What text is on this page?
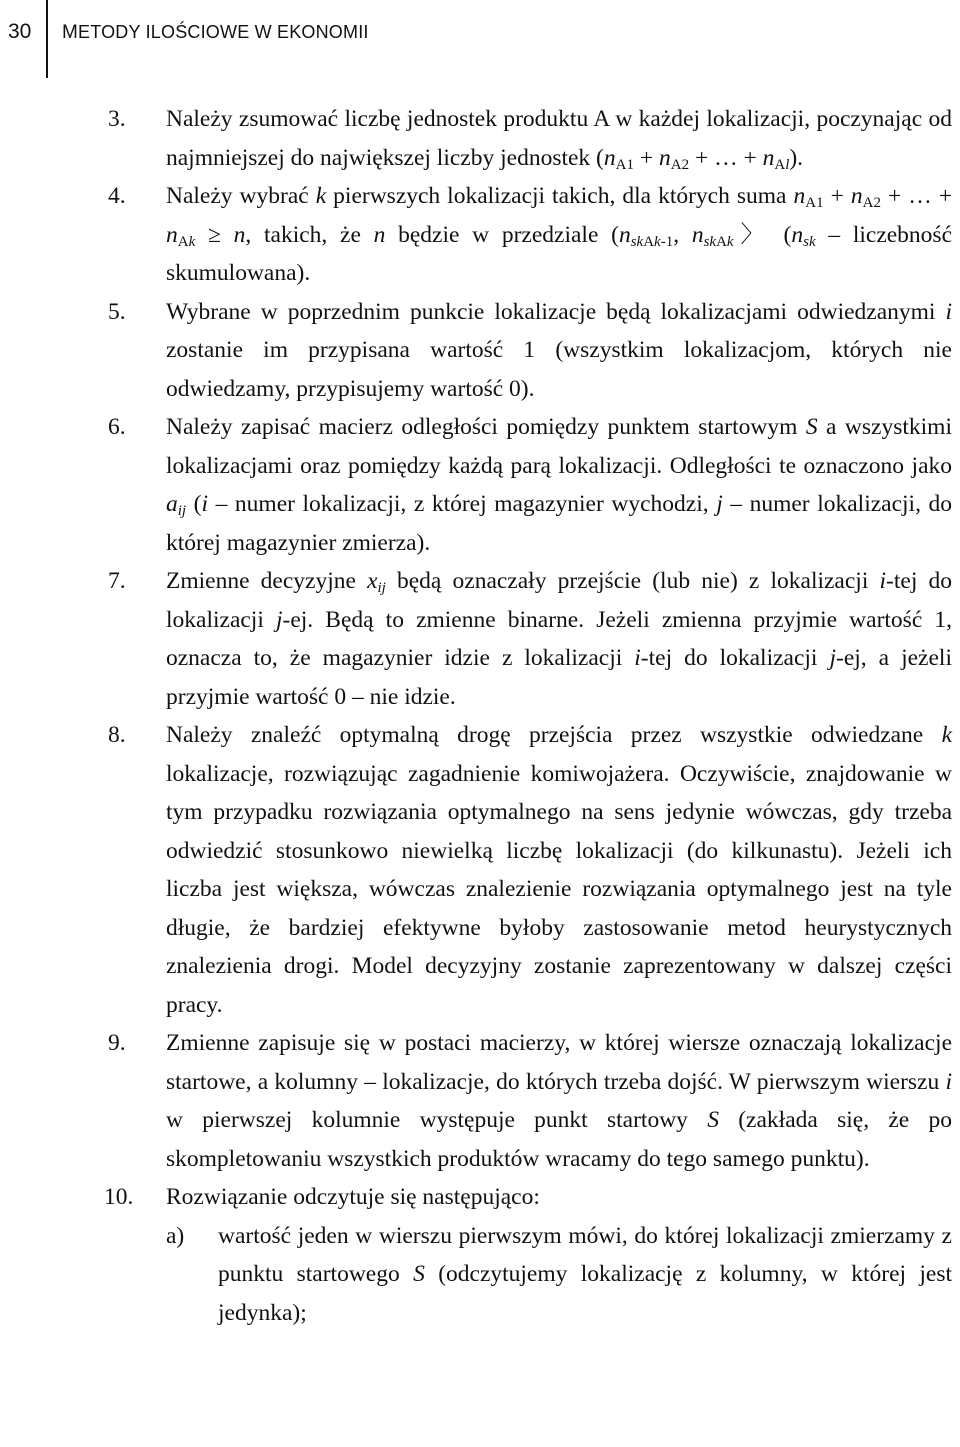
30 METODY ILOŚCIOWE W EKONOMII
3. Należy zsumować liczbę jednostek produktu A w każdej lokalizacji, poczynając od najmniejszej do największej liczby jednostek ($n_{A1} + n_{A2}$ + … + $n_{Al}$).
4. Należy wybrać k pierwszych lokalizacji takich, dla których suma $n_{A1} + n_{A2}$ + … + $n_{Ak} \ge n$, takich, że n będzie w przedziale ($n_{skAk-1}$, $n_{skAk}$〉 ($n_{sk}$ – liczebność skumulowana).
5. Wybrane w poprzednim punkcie lokalizacje będą lokalizacjami odwiedzanymi i zostanie im przypisana wartość 1 (wszystkim lokalizacjom, których nie odwiedzamy, przypisujemy wartość 0).
6. Należy zapisać macierz odległości pomiędzy punktem startowym S a wszystkimi lokalizacjami oraz pomiędzy każdą parą lokalizacji. Odległości te oznaczono jako $a_{ij}$ (i – numer lokalizacji, z której magazynier wychodzi, j – numer lokalizacji, do której magazynier zmierza).
7. Zmienne decyzyjne $x_{ij}$ będą oznaczały przejście (lub nie) z lokalizacji i-tej do lokalizacji j-ej. Będą to zmienne binarne. Jeżeli zmienna przyjmie wartość 1, oznacza to, że magazynier idzie z lokalizacji i-tej do lokalizacji j-ej, a jeżeli przyjmie wartość 0 – nie idzie.
8. Należy znaleźć optymalną drogę przejścia przez wszystkie odwiedzane k lokalizacje, rozwiązując zagadnienie komiwojażera. Oczywiście, znajdowanie w tym przypadku rozwiązania optymalnego na sens jedynie wówczas, gdy trzeba odwiedzić stosunkowo niewielką liczbę lokalizacji (do kilkunastu). Jeżeli ich liczba jest większa, wówczas znalezienie rozwiązania optymalnego jest na tyle długie, że bardziej efektywne byłoby zastosowanie metod heurystycznych znalezienia drogi. Model decyzyjny zostanie zaprezentowany w dalszej części pracy.
9. Zmienne zapisuje się w postaci macierzy, w której wiersze oznaczają lokalizacje startowe, a kolumny – lokalizacje, do których trzeba dojść. W pierwszym wierszu i w pierwszej kolumnie występuje punkt startowy S (zakłada się, że po skompletowaniu wszystkich produktów wracamy do tego samego punktu).
10. Rozwiązanie odczytuje się następująco:
a) wartość jeden w wierszu pierwszym mówi, do której lokalizacji zmierzamy z punktu startowego S (odczytujemy lokalizację z kolumny, w której jest jedynka);
